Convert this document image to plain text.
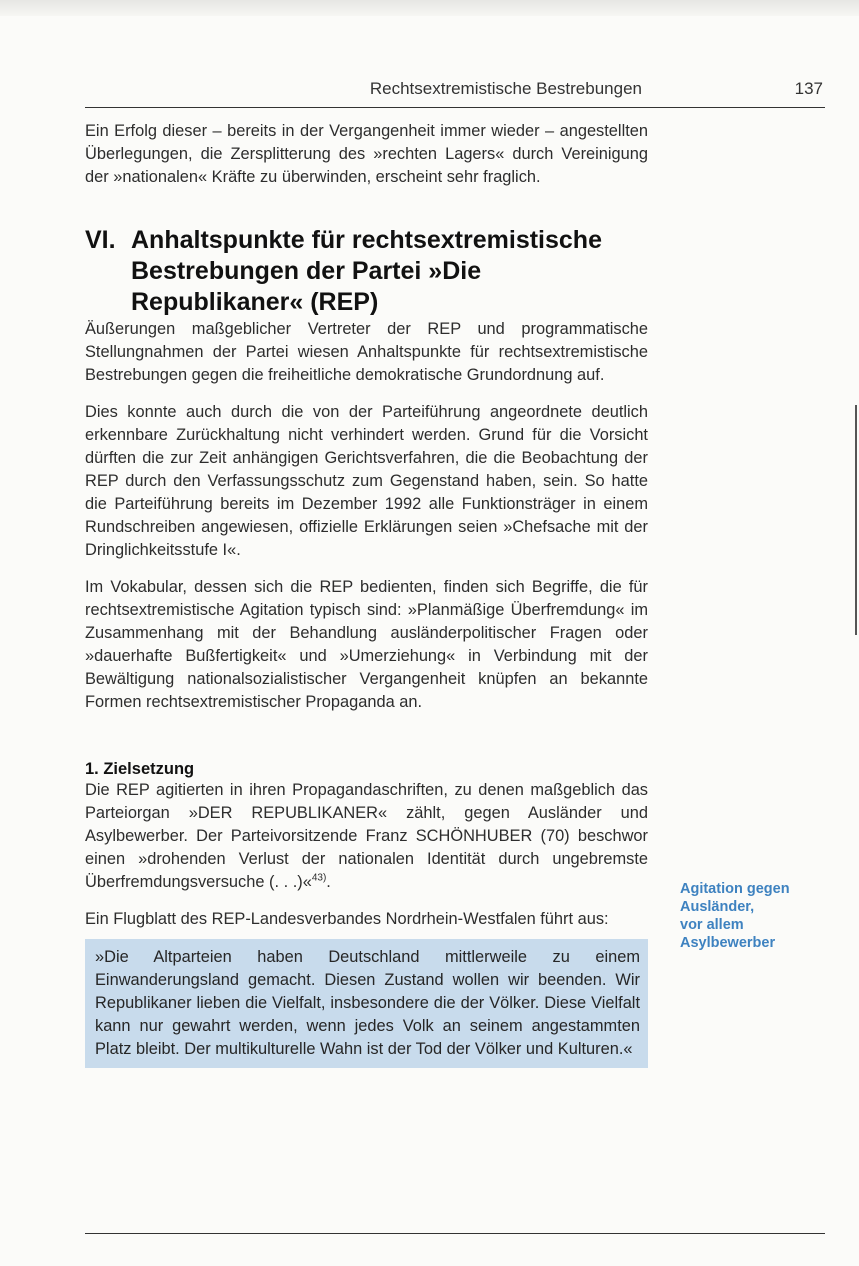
Rechtsextremistische Bestrebungen	137

Ein Erfolg dieser – bereits in der Vergangenheit immer wieder – angestellten Überlegungen, die Zersplitterung des »rechten Lagers« durch Vereinigung der »nationalen« Kräfte zu überwinden, erscheint sehr fraglich.

VI. Anhaltspunkte für rechtsextremistische Bestrebungen der Partei »Die Republikaner« (REP)

Äußerungen maßgeblicher Vertreter der REP und programmatische Stellungnahmen der Partei wiesen Anhaltspunkte für rechtsextremistische Bestrebungen gegen die freiheitliche demokratische Grundordnung auf.

Dies konnte auch durch die von der Parteiführung angeordnete deutlich erkennbare Zurückhaltung nicht verhindert werden. Grund für die Vorsicht dürften die zur Zeit anhängigen Gerichtsverfahren, die die Beobachtung der REP durch den Verfassungsschutz zum Gegenstand haben, sein. So hatte die Parteiführung bereits im Dezember 1992 alle Funktionsträger in einem Rundschreiben angewiesen, offizielle Erklärungen seien »Chefsache mit der Dringlichkeitsstufe I«.

Im Vokabular, dessen sich die REP bedienten, finden sich Begriffe, die für rechtsextremistische Agitation typisch sind: »Planmäßige Überfremdung« im Zusammenhang mit der Behandlung ausländerpolitischer Fragen oder »dauerhafte Bußfertigkeit« und »Umerziehung« in Verbindung mit der Bewältigung nationalsozialistischer Vergangenheit knüpfen an bekannte Formen rechtsextremistischer Propaganda an.

1. Zielsetzung

Die REP agitierten in ihren Propagandaschriften, zu denen maßgeblich das Parteiorgan »DER REPUBLIKANER« zählt, gegen Ausländer und Asylbewerber. Der Parteivorsitzende Franz SCHÖNHUBER (70) beschwor einen »drohenden Verlust der nationalen Identität durch ungebremste Überfremdungsversuche (. . .)«$^{43)}$.

Ein Flugblatt des REP-Landesverbandes Nordrhein-Westfalen führt aus:

»Die Altparteien haben Deutschland mittlerweile zu einem Einwanderungsland gemacht. Diesen Zustand wollen wir beenden. Wir Republikaner lieben die Vielfalt, insbesondere die der Völker. Diese Vielfalt kann nur gewahrt werden, wenn jedes Volk an seinem angestammten Platz bleibt. Der multikulturelle Wahn ist der Tod der Völker und Kulturen.«
Agitation gegen
Ausländer,
vor allem
Asylbewerber
